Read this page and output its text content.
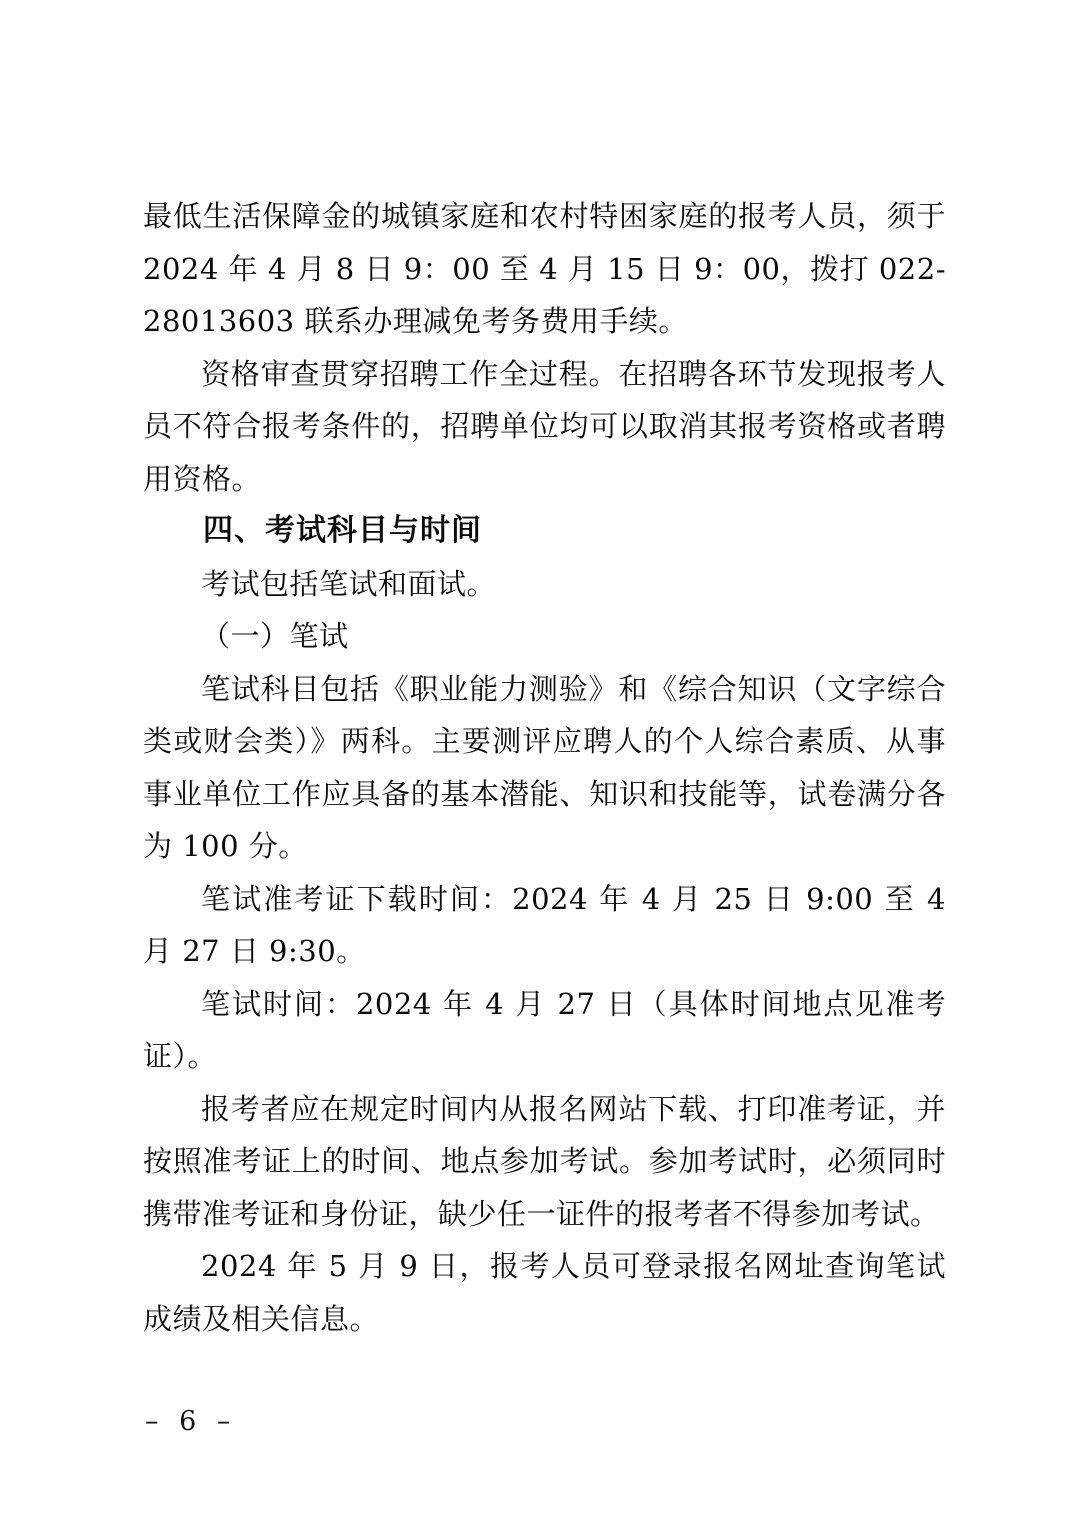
最低生活保障金的城镇家庭和农村特困家庭的报考人员，须于 2024 年 4 月 8 日 9：00 至 4 月 15 日 9：00，拨打 022-28013603 联系办理减免考务费用手续。

资格审查贯穿招聘工作全过程。在招聘各环节发现报考人员不符合报考条件的，招聘单位均可以取消其报考资格或者聘用资格。

四、考试科目与时间

考试包括笔试和面试。

（一）笔试

笔试科目包括《职业能力测验》和《综合知识（文字综合类或财会类）》两科。主要测评应聘人的个人综合素质、从事事业单位工作应具备的基本潜能、知识和技能等，试卷满分各为 100 分。

笔试准考证下载时间：2024 年 4 月 25 日 9:00 至 4 月 27 日 9:30。

笔试时间：2024 年 4 月 27 日（具体时间地点见准考证）。

报考者应在规定时间内从报名网站下载、打印准考证，并按照准考证上的时间、地点参加考试。参加考试时，必须同时携带准考证和身份证，缺少任一证件的报考者不得参加考试。

2024 年 5 月 9 日，报考人员可登录报名网址查询笔试成绩及相关信息。

– 6 –
